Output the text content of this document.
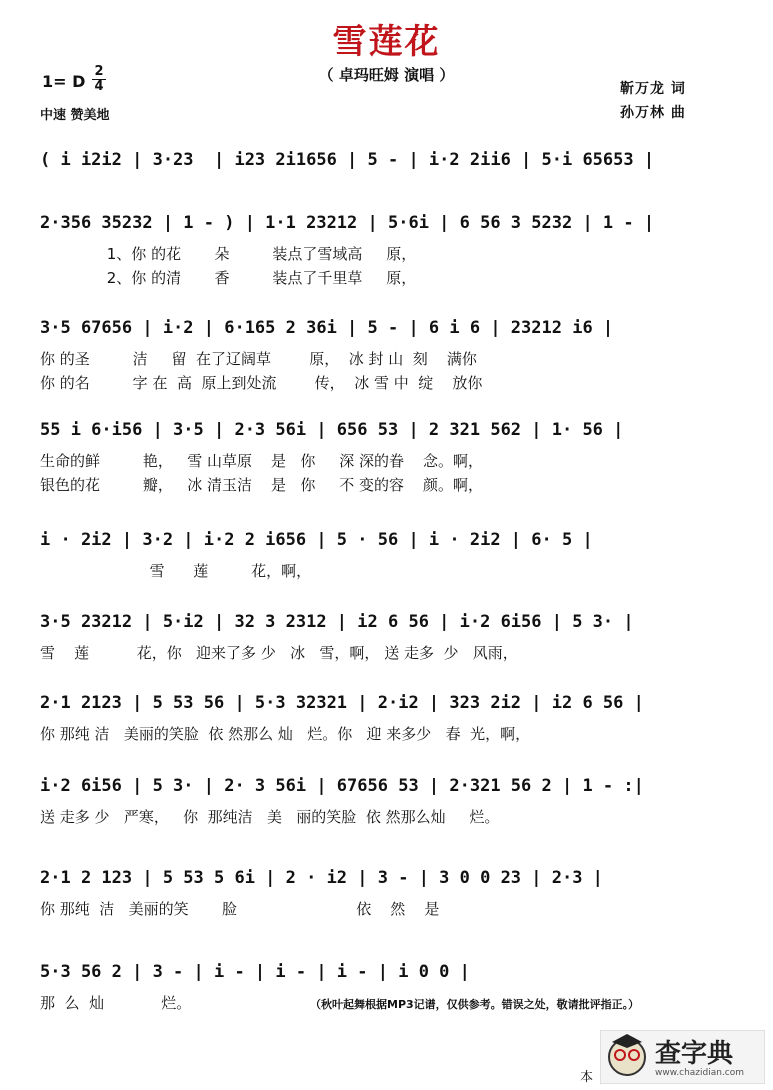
雪莲花
（ 卓玛旺姆 演唱 ）
1= D
2
4
中速 赞美地
靳万龙 词
孙万林 曲
( i i2i2 | 3·23  | i23 2i1656 | 5 - | i·2 2ii6 | 5·i 65653 |
2·356 35232 | 1 - ) | 1·1 23212 | 5·6i | 6 56 3 5232 | 1 - |
1、你 的花       朵         装点了雪域高     原，
2、你 的清       香         装点了千里草     原，
3·5 67656 | i·2 | 6·165 2 36i | 5 - | 6 i 6 | 23212 i6 |
你 的圣         洁     留  在了辽阔草        原，  冰 封 山  刻    满你
你 的名         字 在  高  原上到处流        传，  冰 雪 中  绽    放你
55 i 6·i56 | 3·5 | 2·3 56i | 656 53 | 2 321 562 | 1· 56 |
生命的鲜         艳，   雪 山草原    是   你     深 深的眷    念。啊，
银色的花         瓣，   冰 清玉洁    是   你     不 变的容    颜。啊，
i · 2i2 | 3·2 | i·2 2 i656 | 5 · 56 | i · 2i2 | 6· 5 |
雪      莲         花，啊，
3·5 23212 | 5·i2 | 32 3 2312 | i2 6 56 | i·2 6i56 | 5 3· |
雪    莲          花，你   迎来了多 少   冰   雪，啊， 送 走多  少   风雨，
2·1 2123 | 5 53 56 | 5·3 32321 | 2·i2 | 323 2i2 | i2 6 56 |
你 那纯 洁   美丽的笑脸  依 然那么 灿   烂。你   迎 来多少   春  光，啊，
i·2 6i56 | 5 3· | 2· 3 56i | 67656 53 | 2·321 56 2 | 1 - :|
送 走多 少   严寒，   你  那纯洁   美   丽的笑脸  依 然那么灿     烂。
2·1 2 123 | 5 53 5 6i | 2 · i2 | 3 - | 3 0 0 23 | 2·3 |
你 那纯  洁   美丽的笑       脸                         依    然    是
5·3 56 2 | 3 - | i - | i - | i - | i 0 0 |
那  么  灿            烂。	（秋叶起舞根据MP3记谱，仅供参考。错误之处，敬请批评指正。）
查字典
www.chazidian.com
本
